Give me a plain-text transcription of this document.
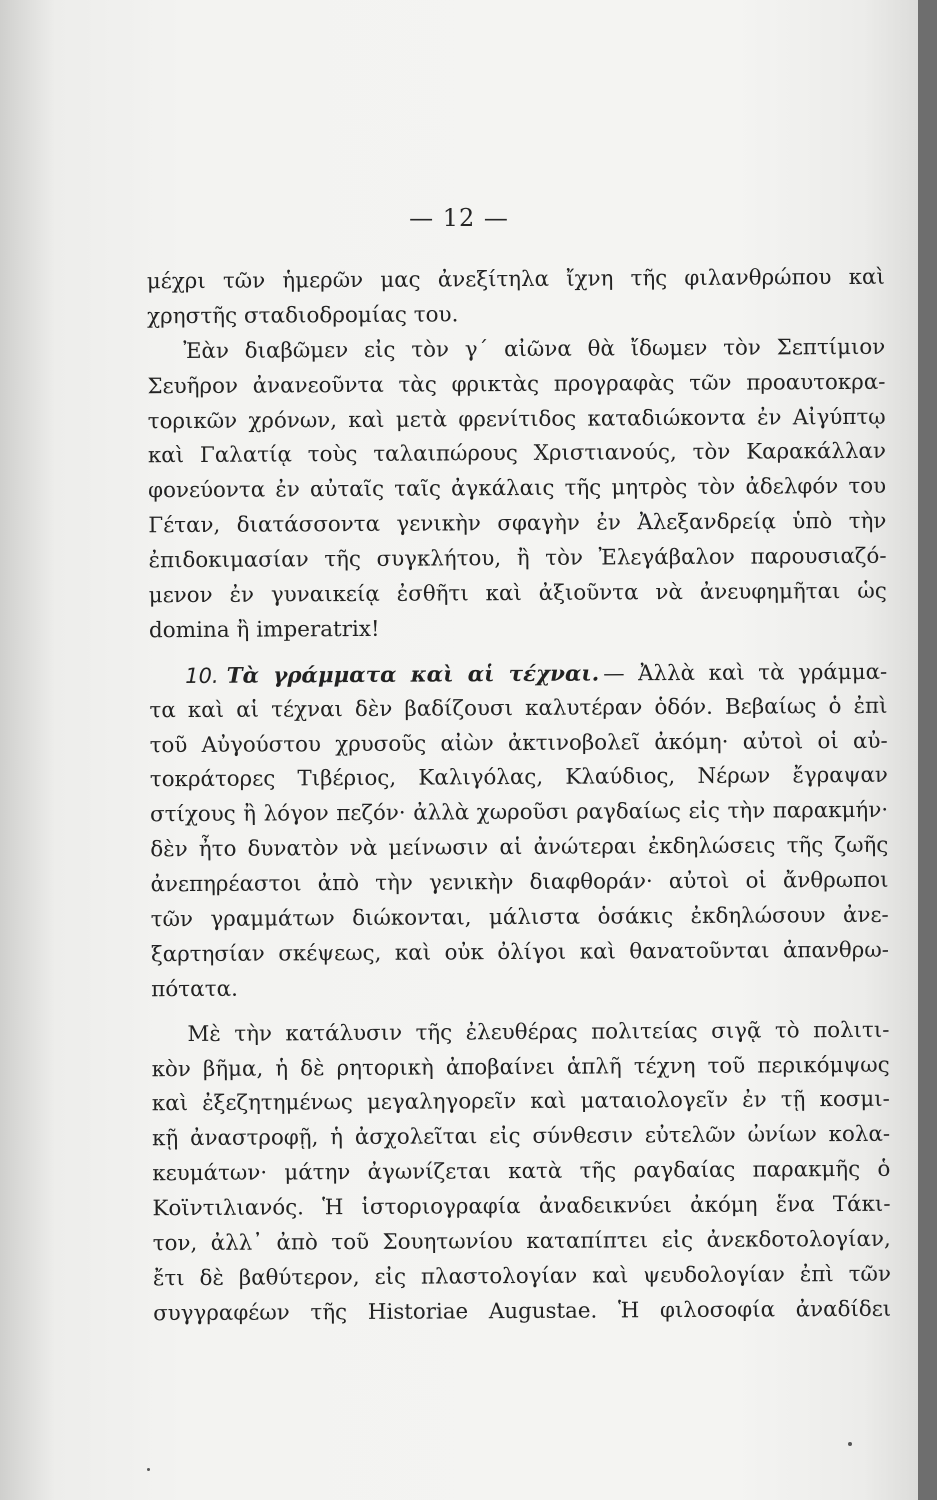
— 12 —
μέχρι τῶν ἡμερῶν μας ἀνεξίτηλα ἴχνη τῆς φιλανθρώπου καὶ
χρηστῆς σταδιοδρομίας του.
Ἐὰν διαβῶμεν εἰς τὸν γ΄ αἰῶνα θὰ ἴδωμεν τὸν Σεπτίμιον
Σευῆρον ἀνανεοῦντα τὰς φρικτὰς προγραφὰς τῶν προαυτοκρα-
τορικῶν χρόνων, καὶ μετὰ φρενίτιδος καταδιώκοντα ἐν Αἰγύπτῳ
καὶ Γαλατίᾳ τοὺς ταλαιπώρους Χριστιανούς, τὸν Καρακάλλαν
φονεύοντα ἐν αὐταῖς ταῖς ἀγκάλαις τῆς μητρὸς τὸν ἀδελφόν του
Γέταν, διατάσσοντα γενικὴν σφαγὴν ἐν Ἀλεξανδρείᾳ ὑπὸ τὴν
ἐπιδοκιμασίαν τῆς συγκλήτου, ἢ τὸν Ἐλεγάβαλον παρουσιαζό-
μενον ἐν γυναικείᾳ ἐσθῆτι καὶ ἀξιοῦντα νὰ ἀνευφημῆται ὡς
domina ἢ imperatrix!
10. Τὰ γράμματα καὶ αἱ τέχναι. — Ἀλλὰ καὶ τὰ γράμμα-
τα καὶ αἱ τέχναι δὲν βαδίζουσι καλυτέραν ὁδόν. Βεβαίως ὁ ἐπὶ
τοῦ Αὐγούστου χρυσοῦς αἰὼν ἀκτινοβολεῖ ἀκόμη· αὐτοὶ οἱ αὐ-
τοκράτορες Τιβέριος, Καλιγόλας, Κλαύδιος, Νέρων ἔγραψαν
στίχους ἢ λόγον πεζόν· ἀλλὰ χωροῦσι ραγδαίως εἰς τὴν παρακμήν·
δὲν ἦτο δυνατὸν νὰ μείνωσιν αἱ ἀνώτεραι ἐκδηλώσεις τῆς ζωῆς
ἀνεπηρέαστοι ἀπὸ τὴν γενικὴν διαφθοράν· αὐτοὶ οἱ ἄνθρωποι
τῶν γραμμάτων διώκονται, μάλιστα ὁσάκις ἐκδηλώσουν ἀνε-
ξαρτησίαν σκέψεως, καὶ οὐκ ὀλίγοι καὶ θανατοῦνται ἀπανθρω-
πότατα.
Μὲ τὴν κατάλυσιν τῆς ἐλευθέρας πολιτείας σιγᾷ τὸ πολιτι-
κὸν βῆμα, ἡ δὲ ρητορικὴ ἀποβαίνει ἁπλῆ τέχνη τοῦ περικόμψως
καὶ ἐξεζητημένως μεγαληγορεῖν καὶ ματαιολογεῖν ἐν τῇ κοσμι-
κῇ ἀναστροφῇ, ἡ ἀσχολεῖται εἰς σύνθεσιν εὐτελῶν ὠνίων κολα-
κευμάτων· μάτην ἀγωνίζεται κατὰ τῆς ραγδαίας παρακμῆς ὁ
Κοϊντιλιανός. Ἡ ἱστοριογραφία ἀναδεικνύει ἀκόμη ἕνα Τάκι-
τον, ἀλλ᾽ ἀπὸ τοῦ Σουητωνίου καταπίπτει εἰς ἀνεκδοτολογίαν,
ἔτι δὲ βαθύτερον, εἰς πλαστολογίαν καὶ ψευδολογίαν ἐπὶ τῶν
συγγραφέων τῆς Historiae Augustae. Ἡ φιλοσοφία ἀναδίδει
